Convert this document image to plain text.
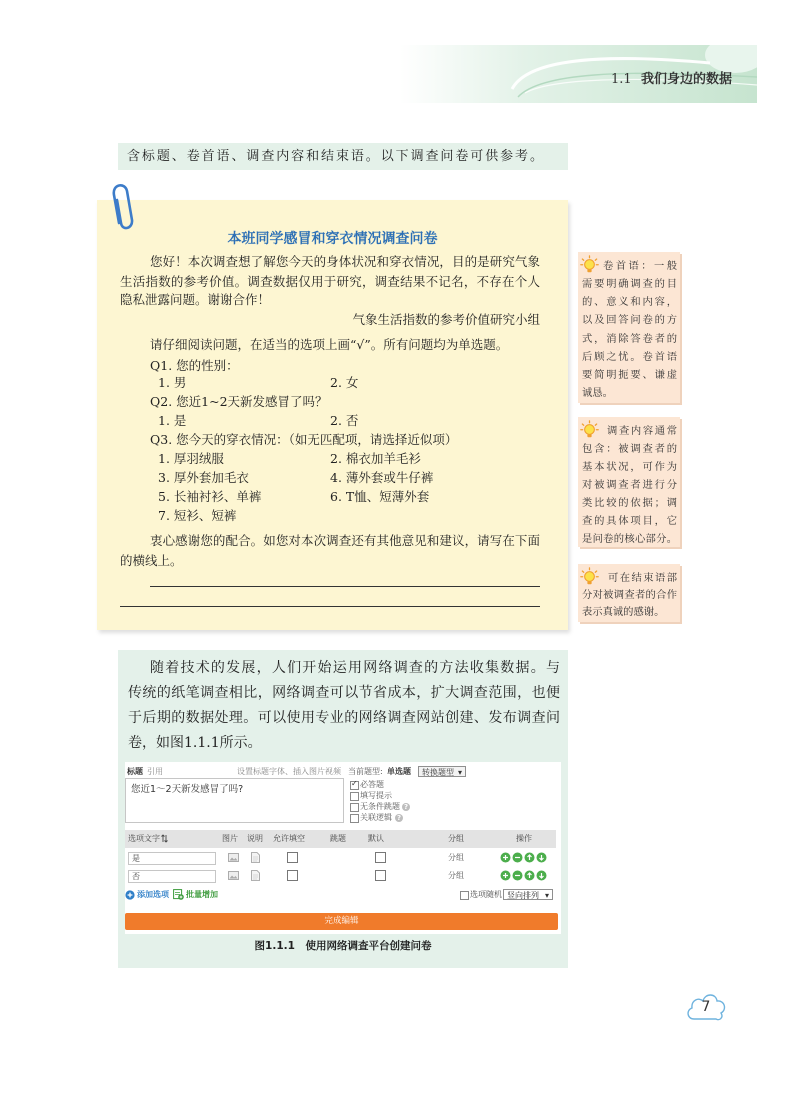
1.1 我们身边的数据
含标题、卷首语、调查内容和结束语。以下调查问卷可供参考。
本班同学感冒和穿衣情况调查问卷
您好！本次调查想了解您今天的身体状况和穿衣情况，目的是研究气象
生活指数的参考价值。调查数据仅用于研究，调查结果不记名，不存在个人
隐私泄露问题。谢谢合作！
气象生活指数的参考价值研究小组
请仔细阅读问题，在适当的选项上画“√”。所有问题均为单选题。
Q1. 您的性别：
1. 男	2. 女
Q2. 您近1~2天新发感冒了吗？
1. 是	2. 否
Q3. 您今天的穿衣情况：（如无匹配项，请选择近似项）
1. 厚羽绒服	2. 棉衣加羊毛衫
3. 厚外套加毛衣	4. 薄外套或牛仔裤
5. 长袖衬衫、单裤	6. T恤、短薄外套
7. 短衫、短裤
衷心感谢您的配合。如您对本次调查还有其他意见和建议，请写在下面
的横线上。
卷首语：一般
需要明确调查的目
的、意义和内容，
以及回答问卷的方
式，消除答卷者的
后顾之忧。卷首语
要简明扼要、谦虚
诚恳。
调查内容通常
包含：被调查者的
基本状况，可作为
对被调查者进行分
类比较的依据；调
查的具体项目，它
是问卷的核心部分。
可在结束语部
分对被调查者的合作
表示真诚的感谢。
随着技术的发展，人们开始运用网络调查的方法收集数据。与
传统的纸笔调查相比，网络调查可以节省成本，扩大调查范围，也便
于后期的数据处理。可以使用专业的网络调查网站创建、发布调查问
卷，如图1.1.1所示。
标题 引用	设置标题字体、插入图片视频
您近1～2天新发感冒了吗?
当前题型: 单选题	转换题型 ▾
✓
必答题
填写提示
无条件跳题
?
关联逻辑
?
选项文字	图片 说明 允许填空	跳题	默认	分组	操作
是	分组
否	分组
添加选项 批量增加	选项随机 竖向排列 ▾
完成编辑
图1.1.1　使用网络调查平台创建问卷
7
